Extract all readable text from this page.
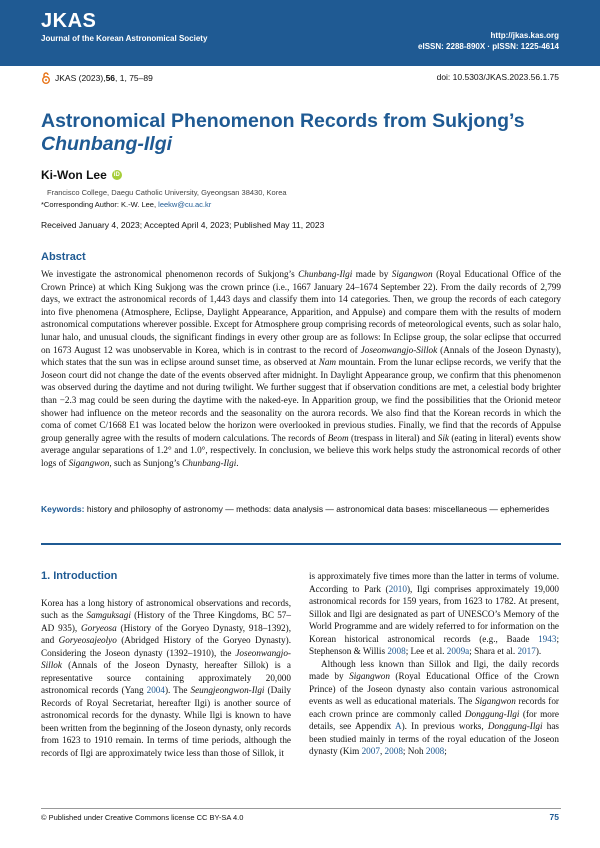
JKAS
Journal of the Korean Astronomical Society	http://jkas.kas.org
eISSN: 2288-890X · pISSN: 1225-4614
JKAS (2023), 56 , 1, 75–89	doi: 10.5303/JKAS.2023.56.1.75
Astronomical Phenomenon Records from Sukjong’s
Chunbang-Ilgi
Ki-Won Lee	iD
Francisco College, Daegu Catholic University, Gyeongsan 38430, Korea
*Corresponding Author: K.-W. Lee, leekw@cu.ac.kr
Received January 4, 2023; Accepted April 4, 2023; Published May 11, 2023
Abstract
We investigate the astronomical phenomenon records of Sukjong’s Chunbang-Ilgi made by Sigangwon (Royal Educational Office of the Crown Prince) at which King Sukjong was the crown prince (i.e., 1667 January 24–1674 September 22). From the daily records of 2,799 days, we extract the astronomical records of 1,443 days and classify them into 14 categories. Then, we group the records of each category into five phenomena (Atmosphere, Eclipse, Daylight Appearance, Apparition, and Appulse) and compare them with the results of modern astronomical computations wherever possible. Except for Atmosphere group comprising records of meteorological events, such as solar halo, lunar halo, and unusual clouds, the significant findings in every other group are as follows: In Eclipse group, the solar eclipse that occurred on 1673 August 12 was unobservable in Korea, which is in contrast to the record of Joseonwangjo-Sillok (Annals of the Joseon Dynasty), which states that the sun was in eclipse around sunset time, as observed at Nam mountain. From the lunar eclipse records, we verify that the Joseon court did not change the date of the events observed after midnight. In Daylight Appearance group, we confirm that this phenomenon was observed during the daytime and not during twilight. We further suggest that if observation conditions are met, a celestial body brighter than −2.3 mag could be seen during the daytime with the naked-eye. In Apparition group, we find the possibilities that the Orionid meteor shower had influence on the meteor records and the seasonality on the aurora records. We also find that the Korean records in which the coma of comet C/1668 E1 was located below the horizon were overlooked in previous studies. Finally, we find that the records of Appulse group generally agree with the results of modern calculations. The records of Beom (trespass in literal) and Sik (eating in literal) events show average angular separations of 1.2° and 1.0°, respectively. In conclusion, we believe this work helps study the astronomical records of other logs of Sigangwon, such as Sunjong’s Chunbang-Ilgi.
Keywords: history and philosophy of astronomy — methods: data analysis — astronomical data bases: miscellaneous — ephemerides
1. Introduction

Korea has a long history of astronomical observations and records, such as the Samguksagi (History of the Three Kingdoms, BC 57–AD 935), Goryeosa (History of the Goryeo Dynasty, 918–1392), and Goryeosajeolyo (Abridged History of the Goryeo Dynasty). Considering the Joseon dynasty (1392–1910), the Joseonwangjo-Sillok (Annals of the Joseon Dynasty, hereafter Sillok) is a representative source containing approximately 20,000 astronomical records (Yang 2004). The Seungjeongwon-Ilgi (Daily Records of Royal Secretariat, hereafter Ilgi) is another source of astronomical records for the dynasty. While Ilgi is known to have been written from the beginning of the Joseon dynasty, only records from 1623 to 1910 remain. In terms of time periods, although the records of Ilgi are approximately twice less than those of Sillok, it

is approximately five times more than the latter in terms of volume. According to Park (2010), Ilgi comprises approximately 19,000 astronomical records for 159 years, from 1623 to 1782. At present, Sillok and Ilgi are designated as part of UNESCO’s Memory of the World Programme and are widely referred to for information on the Korean historical astronomical records (e.g., Baade 1943; Stephenson & Willis 2008; Lee et al. 2009a; Shara et al. 2017).

Although less known than Sillok and Ilgi, the daily records made by Sigangwon (Royal Educational Office of the Crown Prince) of the Joseon dynasty also contain various astronomical events as well as educational materials. The Sigangwon records for each crown prince are commonly called Donggung-Ilgi (for more details, see Appendix A). In previous works, Donggung-Ilgi has been studied mainly in terms of the royal education of the Joseon dynasty (Kim 2007, 2008; Noh 2008;

© Published under Creative Commons license CC BY-SA 4.0	75
